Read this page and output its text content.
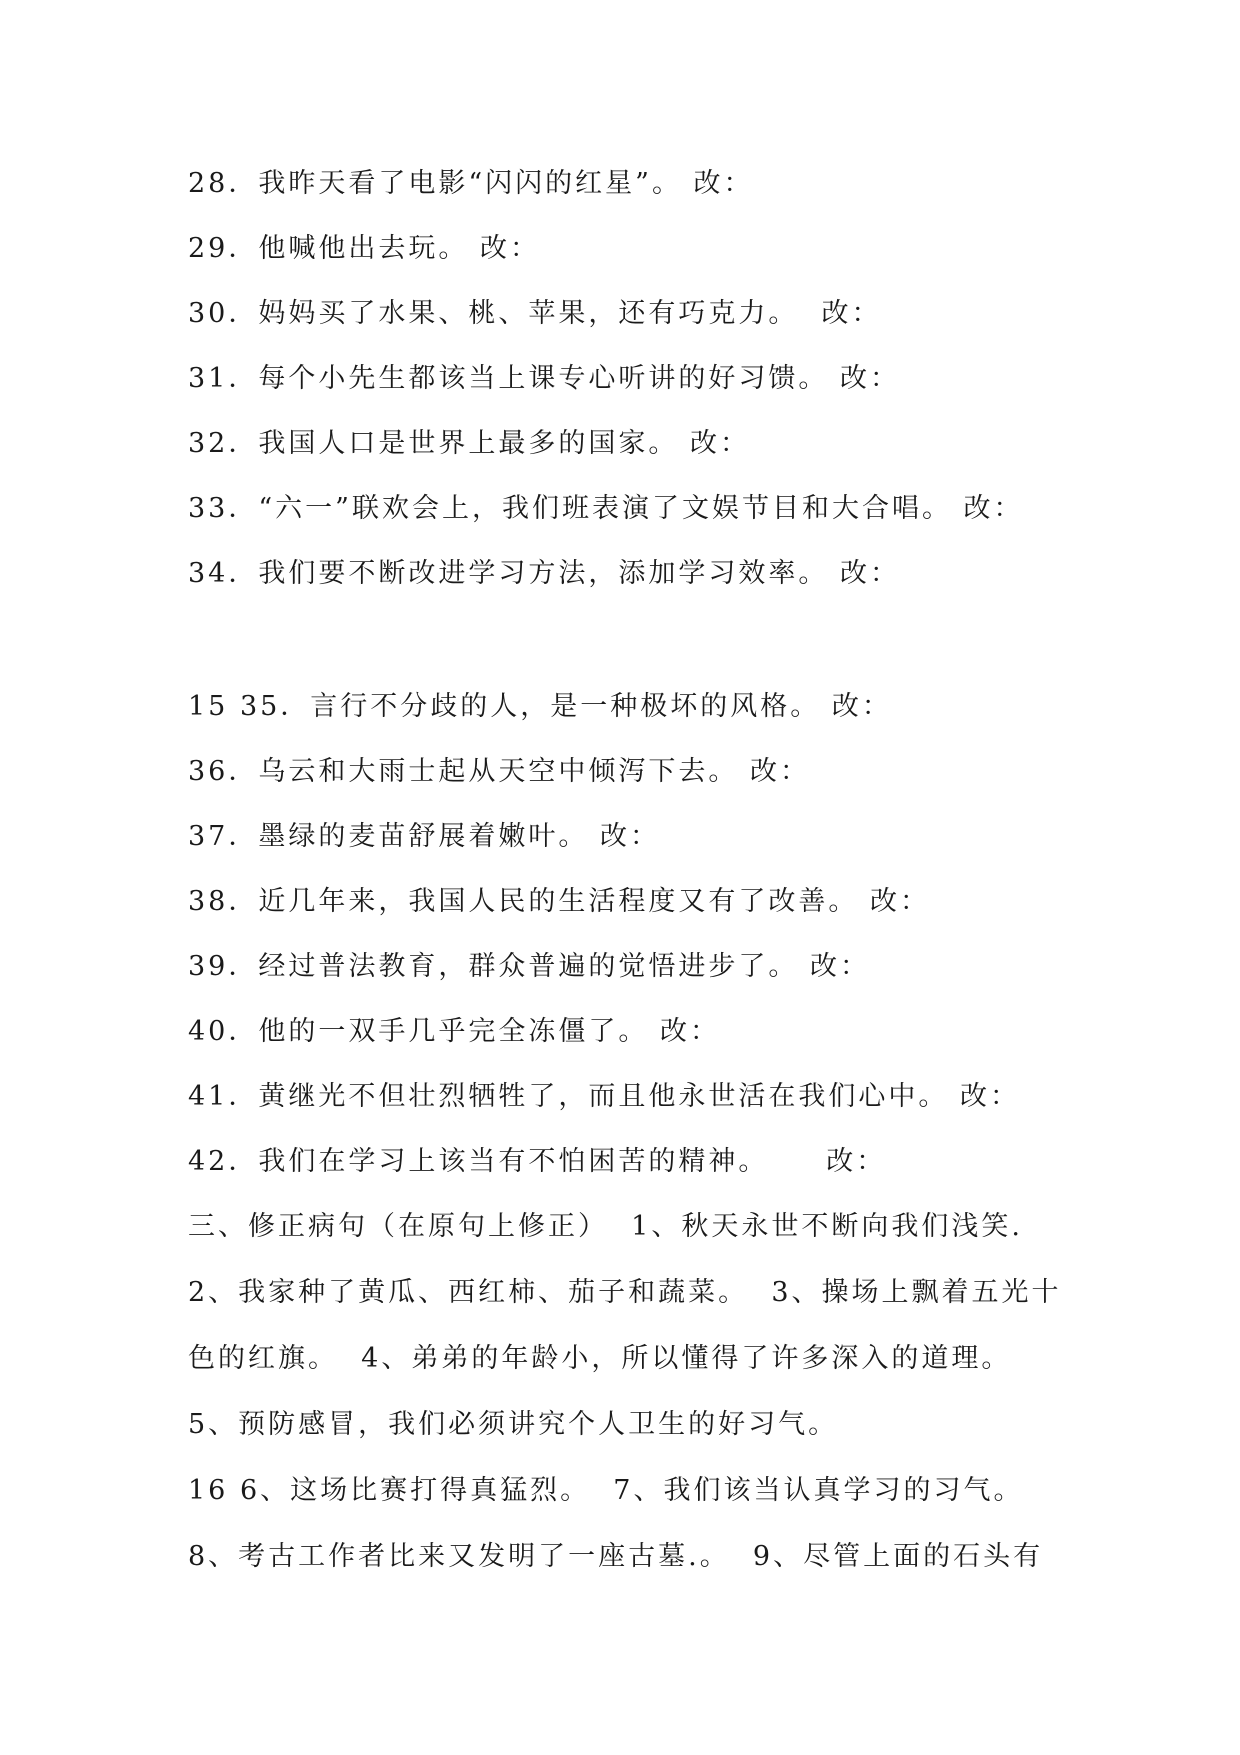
28．我昨天看了电影“闪闪的红星”。 改：
29．他喊他出去玩。 改：
30．妈妈买了水果、桃、苹果，还有巧克力。  改：
31．每个小先生都该当上课专心听讲的好习馈。 改：
32．我国人口是世界上最多的国家。 改：
33．“六一”联欢会上，我们班表演了文娱节目和大合唱。 改：
34．我们要不断改进学习方法，添加学习效率。 改：
15 35．言行不分歧的人，是一种极坏的风格。 改：
36．乌云和大雨士起从天空中倾泻下去。 改：
37．墨绿的麦苗舒展着嫩叶。 改：
38．近几年来，我国人民的生活程度又有了改善。 改：
39．经过普法教育，群众普遍的觉悟进步了。 改：
40．他的一双手几乎完全冻僵了。 改：
41．黄继光不但壮烈牺牲了，而且他永世活在我们心中。 改：
42．我们在学习上该当有不怕困苦的精神。     改：
三、修正病句（在原句上修正）  1、秋天永世不断向我们浅笑.
2、我家种了黄瓜、西红柿、茄子和蔬菜。  3、操场上飘着五光十
色的红旗。  4、弟弟的年龄小，所以懂得了许多深入的道理。
5、预防感冒，我们必须讲究个人卫生的好习气。
16 6、这场比赛打得真猛烈。  7、我们该当认真学习的习气。
8、考古工作者比来又发明了一座古墓.。  9、尽管上面的石头有
